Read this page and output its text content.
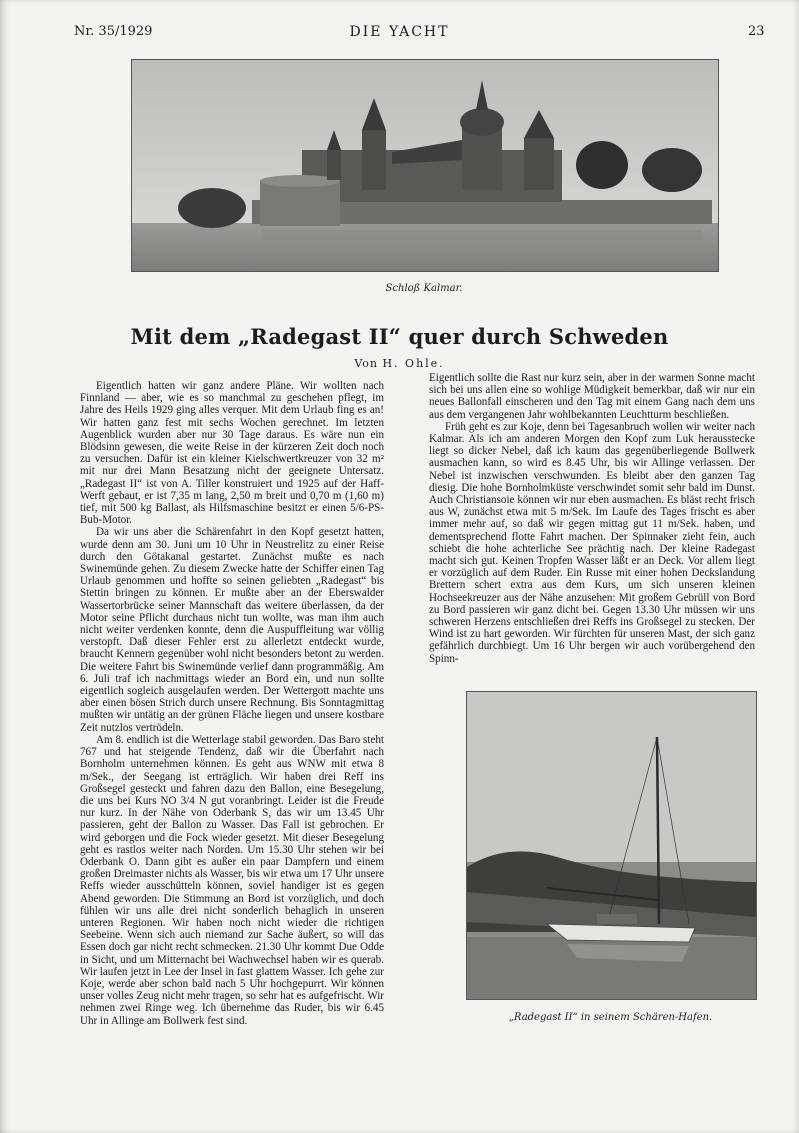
Nr. 35/1929	DIE YACHT	23
Schloß Kalmar.
Mit dem „Radegast II“ quer durch Schweden
Von H. Ohle.

Eigentlich hatten wir ganz andere Pläne. Wir wollten nach Finnland — aber, wie es so manchmal zu geschehen pflegt, im Jahre des Heils 1929 ging alles verquer. Mit dem Urlaub fing es an! Wir hatten ganz fest mit sechs Wochen gerechnet. Im letzten Augenblick wurden aber nur 30 Tage daraus. Es wäre nun ein Blödsinn gewesen, die weite Reise in der kürzeren Zeit doch noch zu versuchen. Dafür ist ein kleiner Kielschwertkreuzer von 32 m² mit nur drei Mann Besatzung nicht der geeignete Untersatz. „Radegast II“ ist von A. Tiller konstruiert und 1925 auf der Haff-Werft gebaut, er ist 7,35 m lang, 2,50 m breit und 0,70 m (1,60 m) tief, mit 500 kg Ballast, als Hilfsmaschine besitzt er einen 5/6-PS-Bub-Motor.

Da wir uns aber die Schärenfahrt in den Kopf gesetzt hatten, wurde denn am 30. Juni um 10 Uhr in Neustrelitz zu einer Reise durch den Götakanal gestartet. Zunächst mußte es nach Swinemünde gehen. Zu diesem Zwecke hatte der Schiffer einen Tag Urlaub genommen und hoffte so seinen geliebten „Radegast“ bis Stettin bringen zu können. Er mußte aber an der Eberswalder Wassertorbrücke seiner Mannschaft das weitere überlassen, da der Motor seine Pflicht durchaus nicht tun wollte, was man ihm auch nicht weiter verdenken konnte, denn die Auspuffleitung war völlig verstopft. Daß dieser Fehler erst zu allerletzt entdeckt wurde, braucht Kennern gegenüber wohl nicht besonders betont zu werden. Die weitere Fahrt bis Swinemünde verlief dann programmäßig. Am 6. Juli traf ich nachmittags wieder an Bord ein, und nun sollte eigentlich sogleich ausgelaufen werden. Der Wettergott machte uns aber einen bösen Strich durch unsere Rechnung. Bis Sonntagmittag mußten wir untätig an der grünen Fläche liegen und unsere kostbare Zeit nutzlos vertrödeln.

Am 8. endlich ist die Wetterlage stabil geworden. Das Baro steht 767 und hat steigende Tendenz, daß wir die Überfahrt nach Bornholm unternehmen können. Es geht aus WNW mit etwa 8 m/Sek., der Seegang ist erträglich. Wir haben drei Reff ins Großsegel gesteckt und fahren dazu den Ballon, eine Besegelung, die uns bei Kurs NO 3/4 N gut voranbringt. Leider ist die Freude nur kurz. In der Nähe von Oderbank S, das wir um 13.45 Uhr passieren, geht der Ballon zu Wasser. Das Fall ist gebrochen. Er wird geborgen und die Fock wieder gesetzt. Mit dieser Besegelung geht es rastlos weiter nach Norden. Um 15.30 Uhr stehen wir bei Oderbank O. Dann gibt es außer ein paar Dampfern und einem großen Dreimaster nichts als Wasser, bis wir etwa um 17 Uhr unsere Reffs wieder ausschütteln können, soviel handiger ist es gegen Abend geworden. Die Stimmung an Bord ist vorzüglich, und doch fühlen wir uns alle drei nicht sonderlich behaglich in unseren unteren Regionen. Wir haben noch nicht wieder die richtigen Seebeine. Wenn sich auch niemand zur Sache äußert, so will das Essen doch gar nicht recht schmecken. 21.30 Uhr kommt Due Odde in Sicht, und um Mitternacht bei Wachwechsel haben wir es querab. Wir laufen jetzt in Lee der Insel in fast glattem Wasser. Ich gehe zur Koje, werde aber schon bald nach 5 Uhr hochgepurrt. Wir können unser volles Zeug nicht mehr tragen, so sehr hat es aufgefrischt. Wir nehmen zwei Ringe weg. Ich übernehme das Ruder, bis wir 6.45 Uhr in Allinge am Bollwerk fest sind.

Eigentlich sollte die Rast nur kurz sein, aber in der warmen Sonne macht sich bei uns allen eine so wohlige Müdigkeit bemerkbar, daß wir nur ein neues Ballonfall einscheren und den Tag mit einem Gang nach dem uns aus dem vergangenen Jahr wohlbekannten Leuchtturm beschließen.

Früh geht es zur Koje, denn bei Tagesanbruch wollen wir weiter nach Kalmar. Als ich am anderen Morgen den Kopf zum Luk herausstecke liegt so dicker Nebel, daß ich kaum das gegenüberliegende Bollwerk ausmachen kann, so wird es 8.45 Uhr, bis wir Allinge verlassen. Der Nebel ist inzwischen verschwunden. Es bleibt aber den ganzen Tag diesig. Die hohe Bornholmküste verschwindet somit sehr bald im Dunst. Auch Christiansoie können wir nur eben ausmachen. Es bläst recht frisch aus W, zunächst etwa mit 5 m/Sek. Im Laufe des Tages frischt es aber immer mehr auf, so daß wir gegen mittag gut 11 m/Sek. haben, und dementsprechend flotte Fahrt machen. Der Spinnaker zieht fein, auch schiebt die hohe achterliche See prächtig nach. Der kleine Radegast macht sich gut. Keinen Tropfen Wasser läßt er an Deck. Vor allem liegt er vorzüglich auf dem Ruder. Ein Russe mit einer hohen Deckslandung Brettern schert extra aus dem Kurs, um sich unseren kleinen Hochseekreuzer aus der Nähe anzusehen: Mit großem Gebrüll von Bord zu Bord passieren wir ganz dicht bei. Gegen 13.30 Uhr müssen wir uns schweren Herzens entschließen drei Reffs ins Großsegel zu stecken. Der Wind ist zu hart geworden. Wir fürchten für unseren Mast, der sich ganz gefährlich durchbiegt. Um 16 Uhr bergen wir auch vorübergehend den Spinn-

„Radegast II“ in seinem Schären-Hafen.
